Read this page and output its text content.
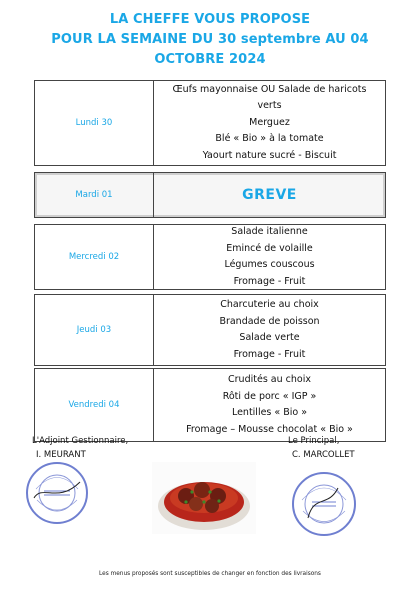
LA CHEFFE VOUS PROPOSE
POUR LA SEMAINE DU 30 septembre AU 04
OCTOBRE 2024
Lundi 30
Œufs mayonnaise OU Salade de haricots
verts
Merguez
Blé « Bio » à la tomate
Yaourt nature sucré - Biscuit
Mardi 01	GREVE
Mercredi 02
Salade italienne
Emincé de volaille
Légumes couscous
Fromage - Fruit
Jeudi 03
Charcuterie au choix
Brandade de poisson
Salade verte
Fromage - Fruit
Vendredi 04
Crudités au choix
Rôti de porc « IGP »
Lentilles « Bio »
Fromage – Mousse chocolat « Bio »
L'Adjoint Gestionnaire,
I. MEURANT
Le Principal,
C. MARCOLLET
Les menus proposés sont susceptibles de changer en fonction des livraisons
